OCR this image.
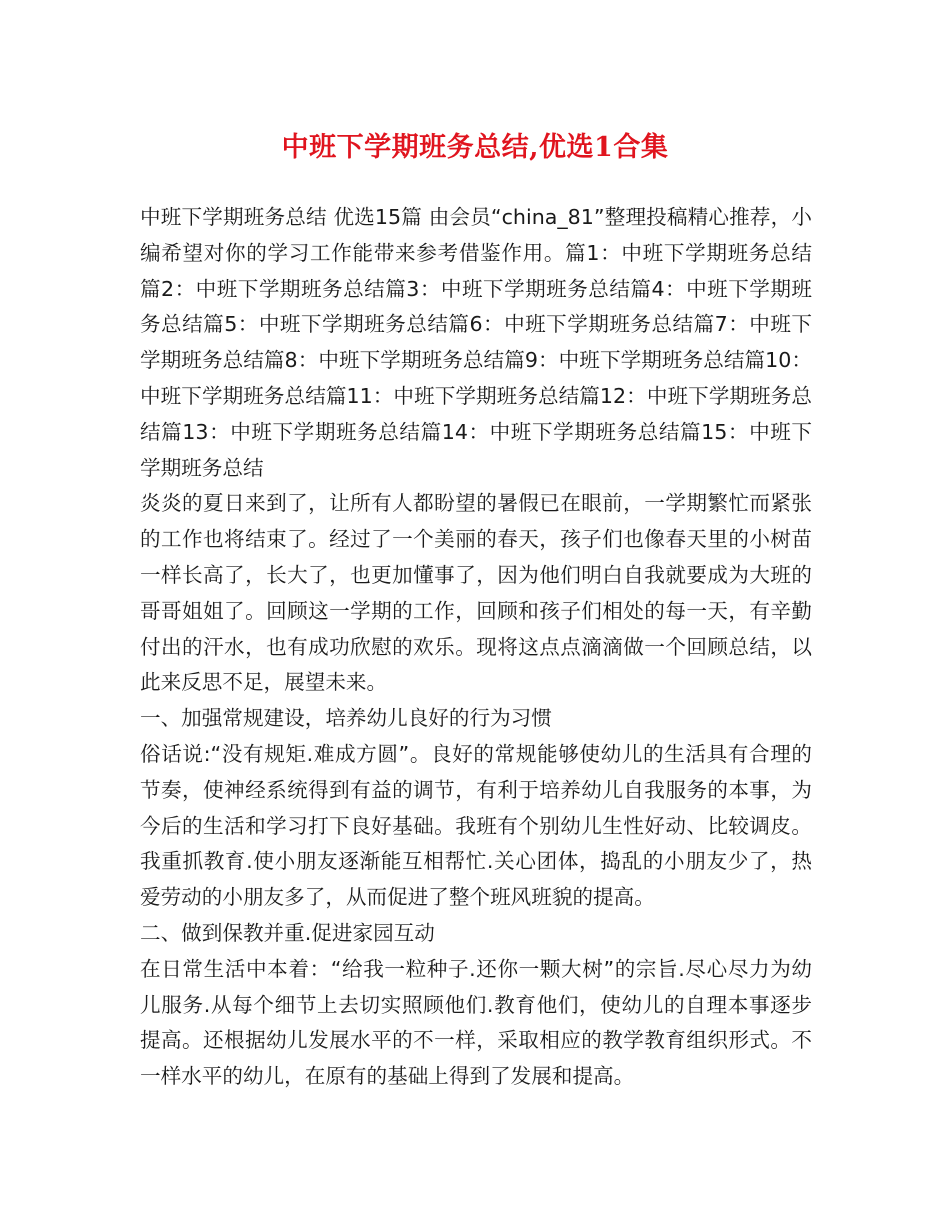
中班下学期班务总结,优选1合集

中班下学期班务总结 优选15篇 由会员“china_81”整理投稿精心推荐，小编希望对你的学习工作能带来参考借鉴作用。篇1：中班下学期班务总结篇2：中班下学期班务总结篇3：中班下学期班务总结篇4：中班下学期班务总结篇5：中班下学期班务总结篇6：中班下学期班务总结篇7：中班下学期班务总结篇8：中班下学期班务总结篇9：中班下学期班务总结篇10：中班下学期班务总结篇11：中班下学期班务总结篇12：中班下学期班务总结篇13：中班下学期班务总结篇14：中班下学期班务总结篇15：中班下学期班务总结

炎炎的夏日来到了，让所有人都盼望的暑假已在眼前，一学期繁忙而紧张的工作也将结束了。经过了一个美丽的春天，孩子们也像春天里的小树苗一样长高了，长大了，也更加懂事了，因为他们明白自我就要成为大班的哥哥姐姐了。回顾这一学期的工作，回顾和孩子们相处的每一天，有辛勤付出的汗水，也有成功欣慰的欢乐。现将这点点滴滴做一个回顾总结，以此来反思不足，展望未来。

一、加强常规建设，培养幼儿良好的行为习惯

俗话说:“没有规矩.难成方圆”。良好的常规能够使幼儿的生活具有合理的节奏，使神经系统得到有益的调节，有利于培养幼儿自我服务的本事，为今后的生活和学习打下良好基础。我班有个别幼儿生性好动、比较调皮。我重抓教育.使小朋友逐渐能互相帮忙.关心团体，捣乱的小朋友少了，热爱劳动的小朋友多了，从而促进了整个班风班貌的提高。

二、做到保教并重.促进家园互动

在日常生活中本着：“给我一粒种子.还你一颗大树”的宗旨.尽心尽力为幼儿服务.从每个细节上去切实照顾他们.教育他们，使幼儿的自理本事逐步提高。还根据幼儿发展水平的不一样，采取相应的教学教育组织形式。不一样水平的幼儿，在原有的基础上得到了发展和提高。
